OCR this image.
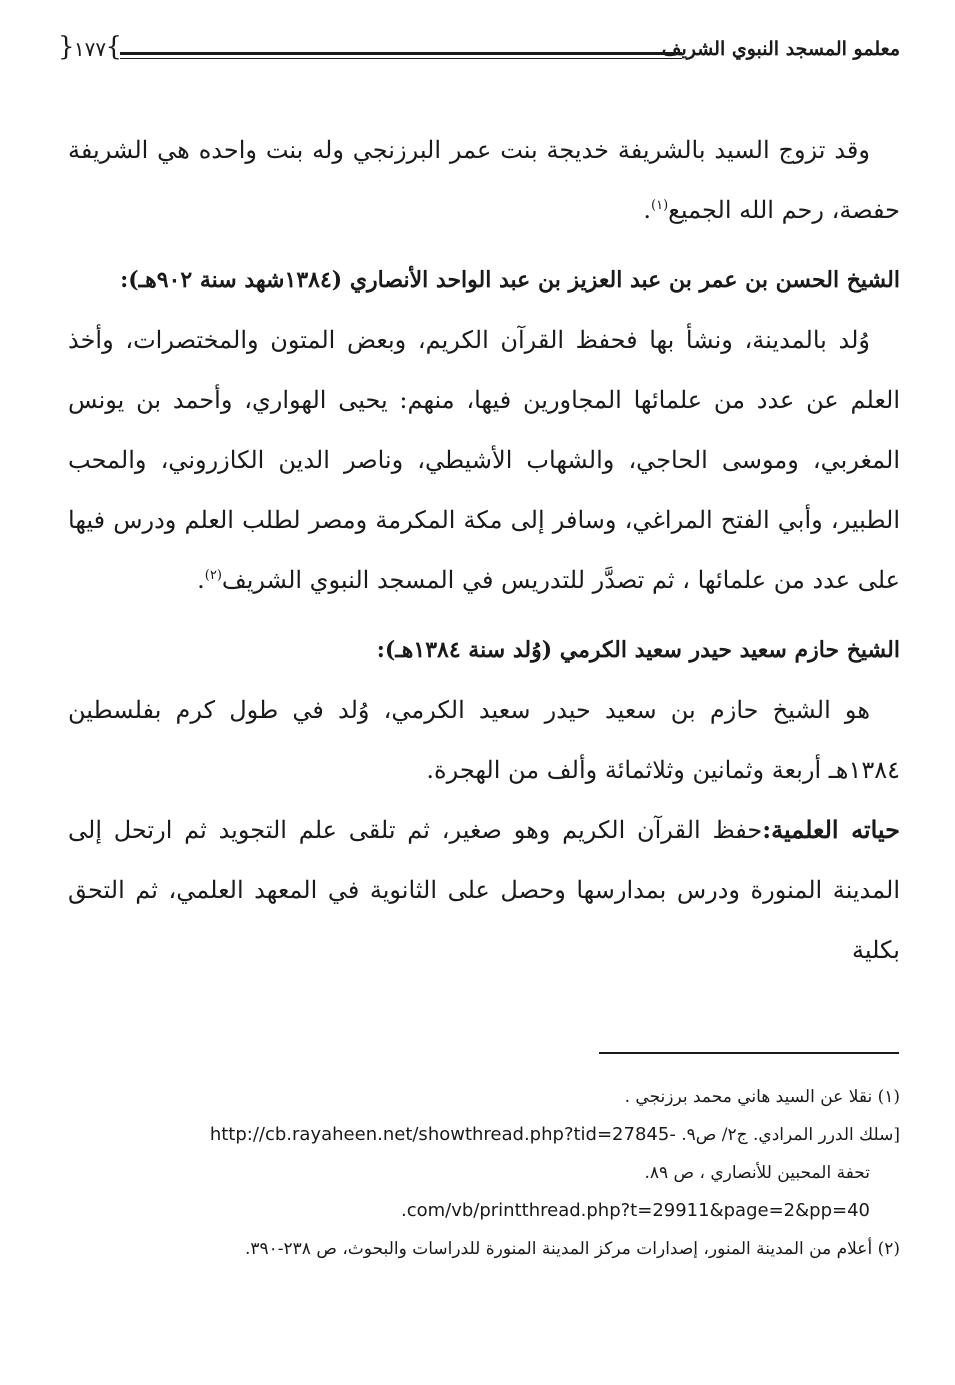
معلمو المسجد النبوي الشريف
{ ١٧٧ }

وقد تزوج السيد بالشريفة خديجة بنت عمر البرزنجي وله بنت واحده هي الشريفة حفصة، رحم الله الجميع$^{(١)}$.

الشيخ الحسن بن عمر بن عبد العزيز بن عبد الواحد الأنصاري (١٣٨٤شهد سنة ٩٠٢هـ):

وُلد بالمدينة، ونشأ بها فحفظ القرآن الكريم، وبعض المتون والمختصرات، وأخذ العلم عن عدد من علمائها المجاورين فيها، منهم: يحيى الهواري، وأحمد بن يونس المغربي، وموسى الحاجي، والشهاب الأشيطي، وناصر الدين الكازروني، والمحب الطبير، وأبي الفتح المراغي، وسافر إلى مكة المكرمة ومصر لطلب العلم ودرس فيها على عدد من علمائها ، ثم تصدَّر للتدريس في المسجد النبوي الشريف$^{(٢)}$.

الشيخ حازم سعيد حيدر سعيد الكرمي (وُلد سنة ١٣٨٤هـ):

هو الشيخ حازم بن سعيد حيدر سعيد الكرمي، وُلد في طول كرم بفلسطين ١٣٨٤هـ أربعة وثمانين وثلاثمائة وألف من الهجرة.

حياته العلمية:حفظ القرآن الكريم وهو صغير، ثم تلقى علم التجويد ثم ارتحل إلى المدينة المنورة ودرس بمدارسها وحصل على الثانوية في المعهد العلمي، ثم التحق بكلية

(١) نقلا عن السيد هاني محمد برزنجي .

[سلك الدرر المرادي. ج٢/ ص٩. http://cb.rayaheen.net/showthread.php?tid=27845-

تحفة المحبين للأنصاري ، ص ٨٩.

.com/vb/printthread.php?t=29911&page=2&pp=40

(٢) أعلام من المدينة المنور، إصدارات مركز المدينة المنورة للدراسات والبحوث، ص ٢٣٨-٣٩٠.
